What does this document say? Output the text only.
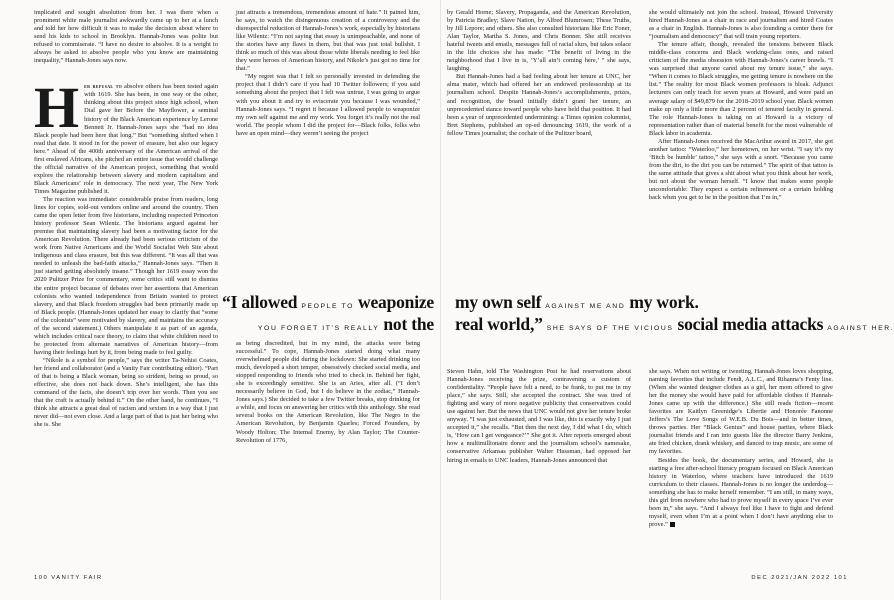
implicated and sought absolution from her. I was there when a prominent white male journalist awkwardly came up to her at a lunch and told her how difficult it was to make the decision about where to send his kids to school in Brooklyn. Hannah-Jones was polite but refused to commiserate. “I have no desire to absolve. It is a weight to always be asked to absolve people who you know are maintaining inequality,” Hannah-Jones says now.

Her refusal to absolve others has been tested again with 1619. She has been, in one way or the other, thinking about this project since high school, when Dial gave her Before the Mayflower, a seminal history of the Black American experience by Lerone Bennett Jr. Hannah-Jones says she “had no idea Black people had been here that long.” But “something shifted when I read that date. It stood in for the power of erasure, but also our legacy here.” Ahead of the 400th anniversary of the American arrival of the first enslaved Africans, she pitched an entire issue that would challenge the official narrative of the American project, something that would explore the relationship between slavery and modern capitalism and Black Americans’ role in democracy. The next year, The New York Times Magazine published it.

The reaction was immediate: considerable praise from readers, long lines for copies, sold-out vendors online and around the country. Then came the open letter from five historians, including respected Princeton history professor Sean Wilentz. The historians argued against her premise that maintaining slavery had been a motivating factor for the American Revolution. There already had been serious criticism of the work from Native Americans and the World Socialist Web Site about indigenous and class erasure, but this was different. “It was all that was needed to unleash the bad-faith attacks,” Hannah-Jones says. “Then it just started getting absolutely insane.” Though her 1619 essay won the 2020 Pulitzer Prize for commentary, some critics still want to dismiss the entire project because of debates over her assertions that American colonists who wanted independence from Britain wanted to protect slavery, and that Black freedom struggles had been primarily made up of Black people. (Hannah-Jones updated her essay to clarify that “some of the colonists” were motivated by slavery, and maintains the accuracy of the second statement.) Others manipulate it as part of an agenda, which includes critical race theory, to claim that white children need to be protected from alternate narratives of American history—from having their feelings hurt by it, from being made to feel guilty.

“Nikole is a symbol for people,” says the writer Ta-Nehisi Coates, her friend and collaborator (and a Vanity Fair contributing editor). “Part of that is being a Black woman, being so strident, being so proud, so effective, she does not back down. She’s intelligent, she has this command of the facts, she doesn’t trip over her words. Then you see that the craft is actually behind it.” On the other hand, he continues, “I think she attracts a great deal of racism and sexism in a way that I just never did—not even close. And a large part of that is just her being who she is. She

just attracts a tremendous, tremendous amount of hate.” It pained him, he says, to watch the disingenuous creation of a controversy and the disrespectful reduction of Hannah-Jones’s work, especially by historians like Wilentz: “I’m not saying that essay is unimpeachable, and none of the stories have any flaws in them, but that was just total bullshit. I think so much of this was about those white liberals needing to feel like they were heroes of American history, and Nikole’s just got no time for that.”

“My regret was that I felt so personally invested in defending the project that I didn’t care if you had 10 Twitter followers; if you said something about the project that I felt was untrue, I was going to argue with you about it and try to eviscerate you because I was wounded,” Hannah-Jones says. “I regret it because I allowed people to weaponize my own self against me and my work. You forget it’s really not the real world. The people whom I did the project for—Black folks, folks who have an open mind—they weren’t seeing the project

“I allowed PEOPLE TO weaponize
YOU FORGET IT’S REALLY not the

as being discredited, but in my mind, the attacks were being successful.” To cope, Hannah-Jones started doing what many overwhelmed people did during the lockdown: She started drinking too much, developed a short temper, obsessively checked social media, and stopped responding to friends who tried to check in. Behind her fight, she is exceedingly sensitive. She is an Aries, after all. (“I don’t necessarily believe in God, but I do believe in the zodiac,” Hannah-Jones says.) She decided to take a few Twitter breaks, stop drinking for a while, and focus on answering her critics with this anthology. She read several books on the American Revolution, like The Negro in the American Revolution, by Benjamin Quarles; Forced Founders, by Woody Holton; The Internal Enemy, by Alan Taylor; The Counter-Revolution of 1776,

100 VANITY FAIR

by Gerald Horne; Slavery, Propaganda, and the American Revolution, by Patricia Bradley; Slave Nation, by Alfred Blumrosen; These Truths, by Jill Lepore; and others. She also consulted historians like Eric Foner, Alan Taylor, Martha S. Jones, and Chris Bonner. She still receives hateful tweets and emails, messages full of racial slurs, but takes solace in the life choices she has made: “The benefit of living in the neighborhood that I live in is, ‘Y’all ain’t coming here,’ ” she says, laughing.

But Hannah-Jones had a bad feeling about her tenure at UNC, her alma mater, which had offered her an endowed professorship at its journalism school. Despite Hannah-Jones’s accomplishments, prizes, and recognition, the board initially didn’t grant her tenure, an unprecedented stance toward people who have held that position. It had been a year of unprecedented undermining: a Times opinion columnist, Bret Stephens, published an op-ed denouncing 1619, the work of a fellow Times journalist; the cochair of the Pulitzer board,

she would ultimately not join the school. Instead, Howard University hired Hannah-Jones as a chair in race and journalism and hired Coates as a chair in English. Hannah-Jones is also founding a center there for “journalism and democracy” that will train young reporters.

The tenure affair, though, revealed the tensions between Black middle-class concerns and Black working-class ones, and raised criticism of the media obsession with Hannah-Jones’s career brawls. “I was surprised that anyone cared about my tenure issue,” she says. “When it comes to Black struggles, me getting tenure is nowhere on the list.” The reality for most Black women professors is bleak. Adjunct lecturers can only teach for seven years at Howard, and were paid an average salary of $49,879 for the 2018–2019 school year. Black women make up only a little more than 2 percent of tenured faculty in general. The role Hannah-Jones is taking on at Howard is a victory of representation rather than of material benefit for the most vulnerable of Black labor in academia.

After Hannah-Jones received the MacArthur award in 2017, she got another tattoo: “Waterloo,” her hometown, on her wrist. “I say it’s my ‘Bitch be humble’ tattoo,” she says with a snort. “Because you came from the dirt, to the dirt you can be returned.” The spirit of that tattoo is the same attitude that gives a shit about what you think about her work, but not about the woman herself. “I know that makes some people uncomfortable: They expect a certain refinement or a certain holding back when you get to be in the position that I’m in,”

my own self AGAINST ME AND my work.
real world,” SHE SAYS OF THE VICIOUS social media attacks AGAINST HER.

Steven Hahn, told The Washington Post he had reservations about Hannah-Jones receiving the prize, contravening a custom of confidentiality. “People have felt a need, to be frank, to put me in my place,” she says. Still, she accepted the contract. She was tired of fighting and wary of more negative publicity that conservatives could use against her. But the news that UNC would not give her tenure broke anyway. “I was just exhausted, and I was like, this is exactly why I just accepted it,” she recalls. “But then the next day, I did what I do, which is, ‘How can I get vengeance?’” She got it. After reports emerged about how a multimillionaire donor and the journalism school’s namesake, conservative Arkansas publisher Walter Hussman, had opposed her hiring in emails to UNC leaders, Hannah-Jones announced that

she says. When not writing or tweeting, Hannah-Jones loves shopping, naming favorites that include Fendi, A.L.C., and Rihanna’s Fenty line. (When she wanted designer clothes as a girl, her mom offered to give her the money she would have paid for affordable clothes if Hannah-Jones came up with the difference.) She still reads fiction—recent favorites are Kaitlyn Greenidge’s Libertie and Honorée Fanonne Jeffers’s The Love Songs of W.E.B. Du Bois—and in better times, throws parties. Her “Black Genius” and house parties, where Black journalist friends and I ran into guests like the director Barry Jenkins, ate fried chicken, drank whiskey, and danced to trap music, are some of my favorites.

Besides the book, the documentary series, and Howard, she is starting a free after-school literacy program focused on Black American history in Waterloo, where teachers have introduced the 1619 curriculum to their classes. Hannah-Jones is no longer the underdog—something she has to make herself remember. “I am still, in many ways, this girl from nowhere who had to prove myself in every space I’ve ever been in,” she says. “And I always feel like I have to fight and defend myself, even when I’m at a point when I don’t have anything else to prove.”

DEC 2021/JAN 2022 101
